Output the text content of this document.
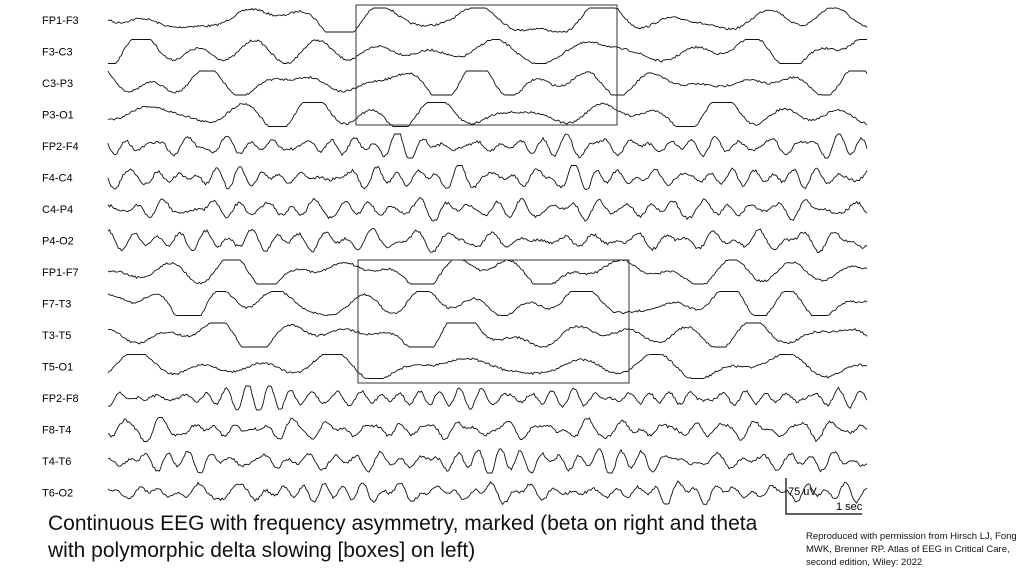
FP1-F3
F3-C3
C3-P3
P3-O1
FP2-F4
F4-C4
C4-P4
P4-O2
FP1-F7
F7-T3
T3-T5
T5-O1
FP2-F8
F8-T4
T4-T6
T6-O2	75 uV
1 sec
Continuous EEG with frequency asymmetry, marked (beta on right and theta with polymorphic delta slowing [boxes] on left)
Reproduced with permission from Hirsch LJ, Fong MWK, Brenner RP. Atlas of EEG in Critical Care, second edition, Wiley: 2022
